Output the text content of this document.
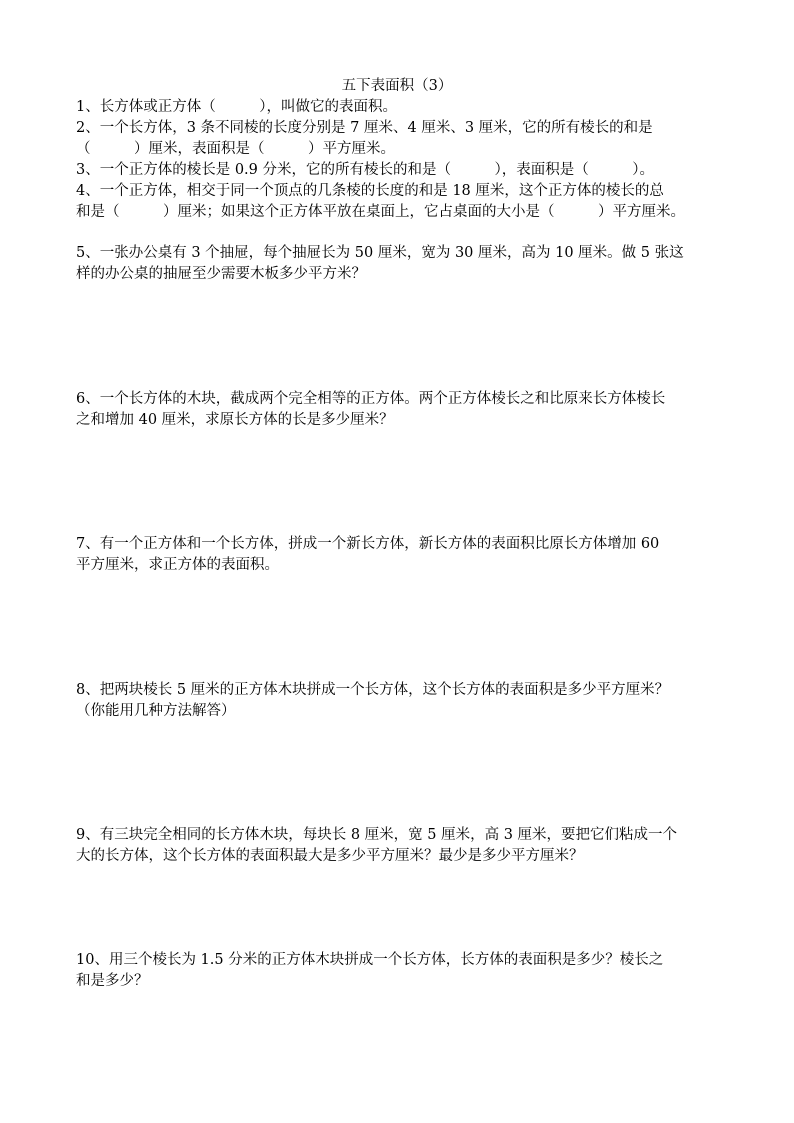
五下表面积（3）
1、长方体或正方体（　　　），叫做它的表面积。
2、一个长方体，3 条不同棱的长度分别是 7 厘米、4 厘米、3 厘米，它的所有棱长的和是
（　　　）厘米，表面积是（　　　）平方厘米。
3、一个正方体的棱长是 0.9 分米，它的所有棱长的和是（　　　），表面积是（　　　）。
4、一个正方体，相交于同一个顶点的几条棱的长度的和是 18 厘米，这个正方体的棱长的总
和是（　　　）厘米；如果这个正方体平放在桌面上，它占桌面的大小是（　　　）平方厘米。
5、一张办公桌有 3 个抽屉，每个抽屉长为 50 厘米，宽为 30 厘米，高为 10 厘米。做 5 张这
样的办公桌的抽屉至少需要木板多少平方米？
6、一个长方体的木块，截成两个完全相等的正方体。两个正方体棱长之和比原来长方体棱长
之和增加 40 厘米，求原长方体的长是多少厘米？
7、有一个正方体和一个长方体，拼成一个新长方体，新长方体的表面积比原长方体增加 60
平方厘米，求正方体的表面积。
8、把两块棱长 5 厘米的正方体木块拼成一个长方体，这个长方体的表面积是多少平方厘米？
（你能用几种方法解答）
9、有三块完全相同的长方体木块，每块长 8 厘米，宽 5 厘米，高 3 厘米，要把它们粘成一个
大的长方体，这个长方体的表面积最大是多少平方厘米？最少是多少平方厘米？
10、用三个棱长为 1.5 分米的正方体木块拼成一个长方体，长方体的表面积是多少？棱长之
和是多少？
